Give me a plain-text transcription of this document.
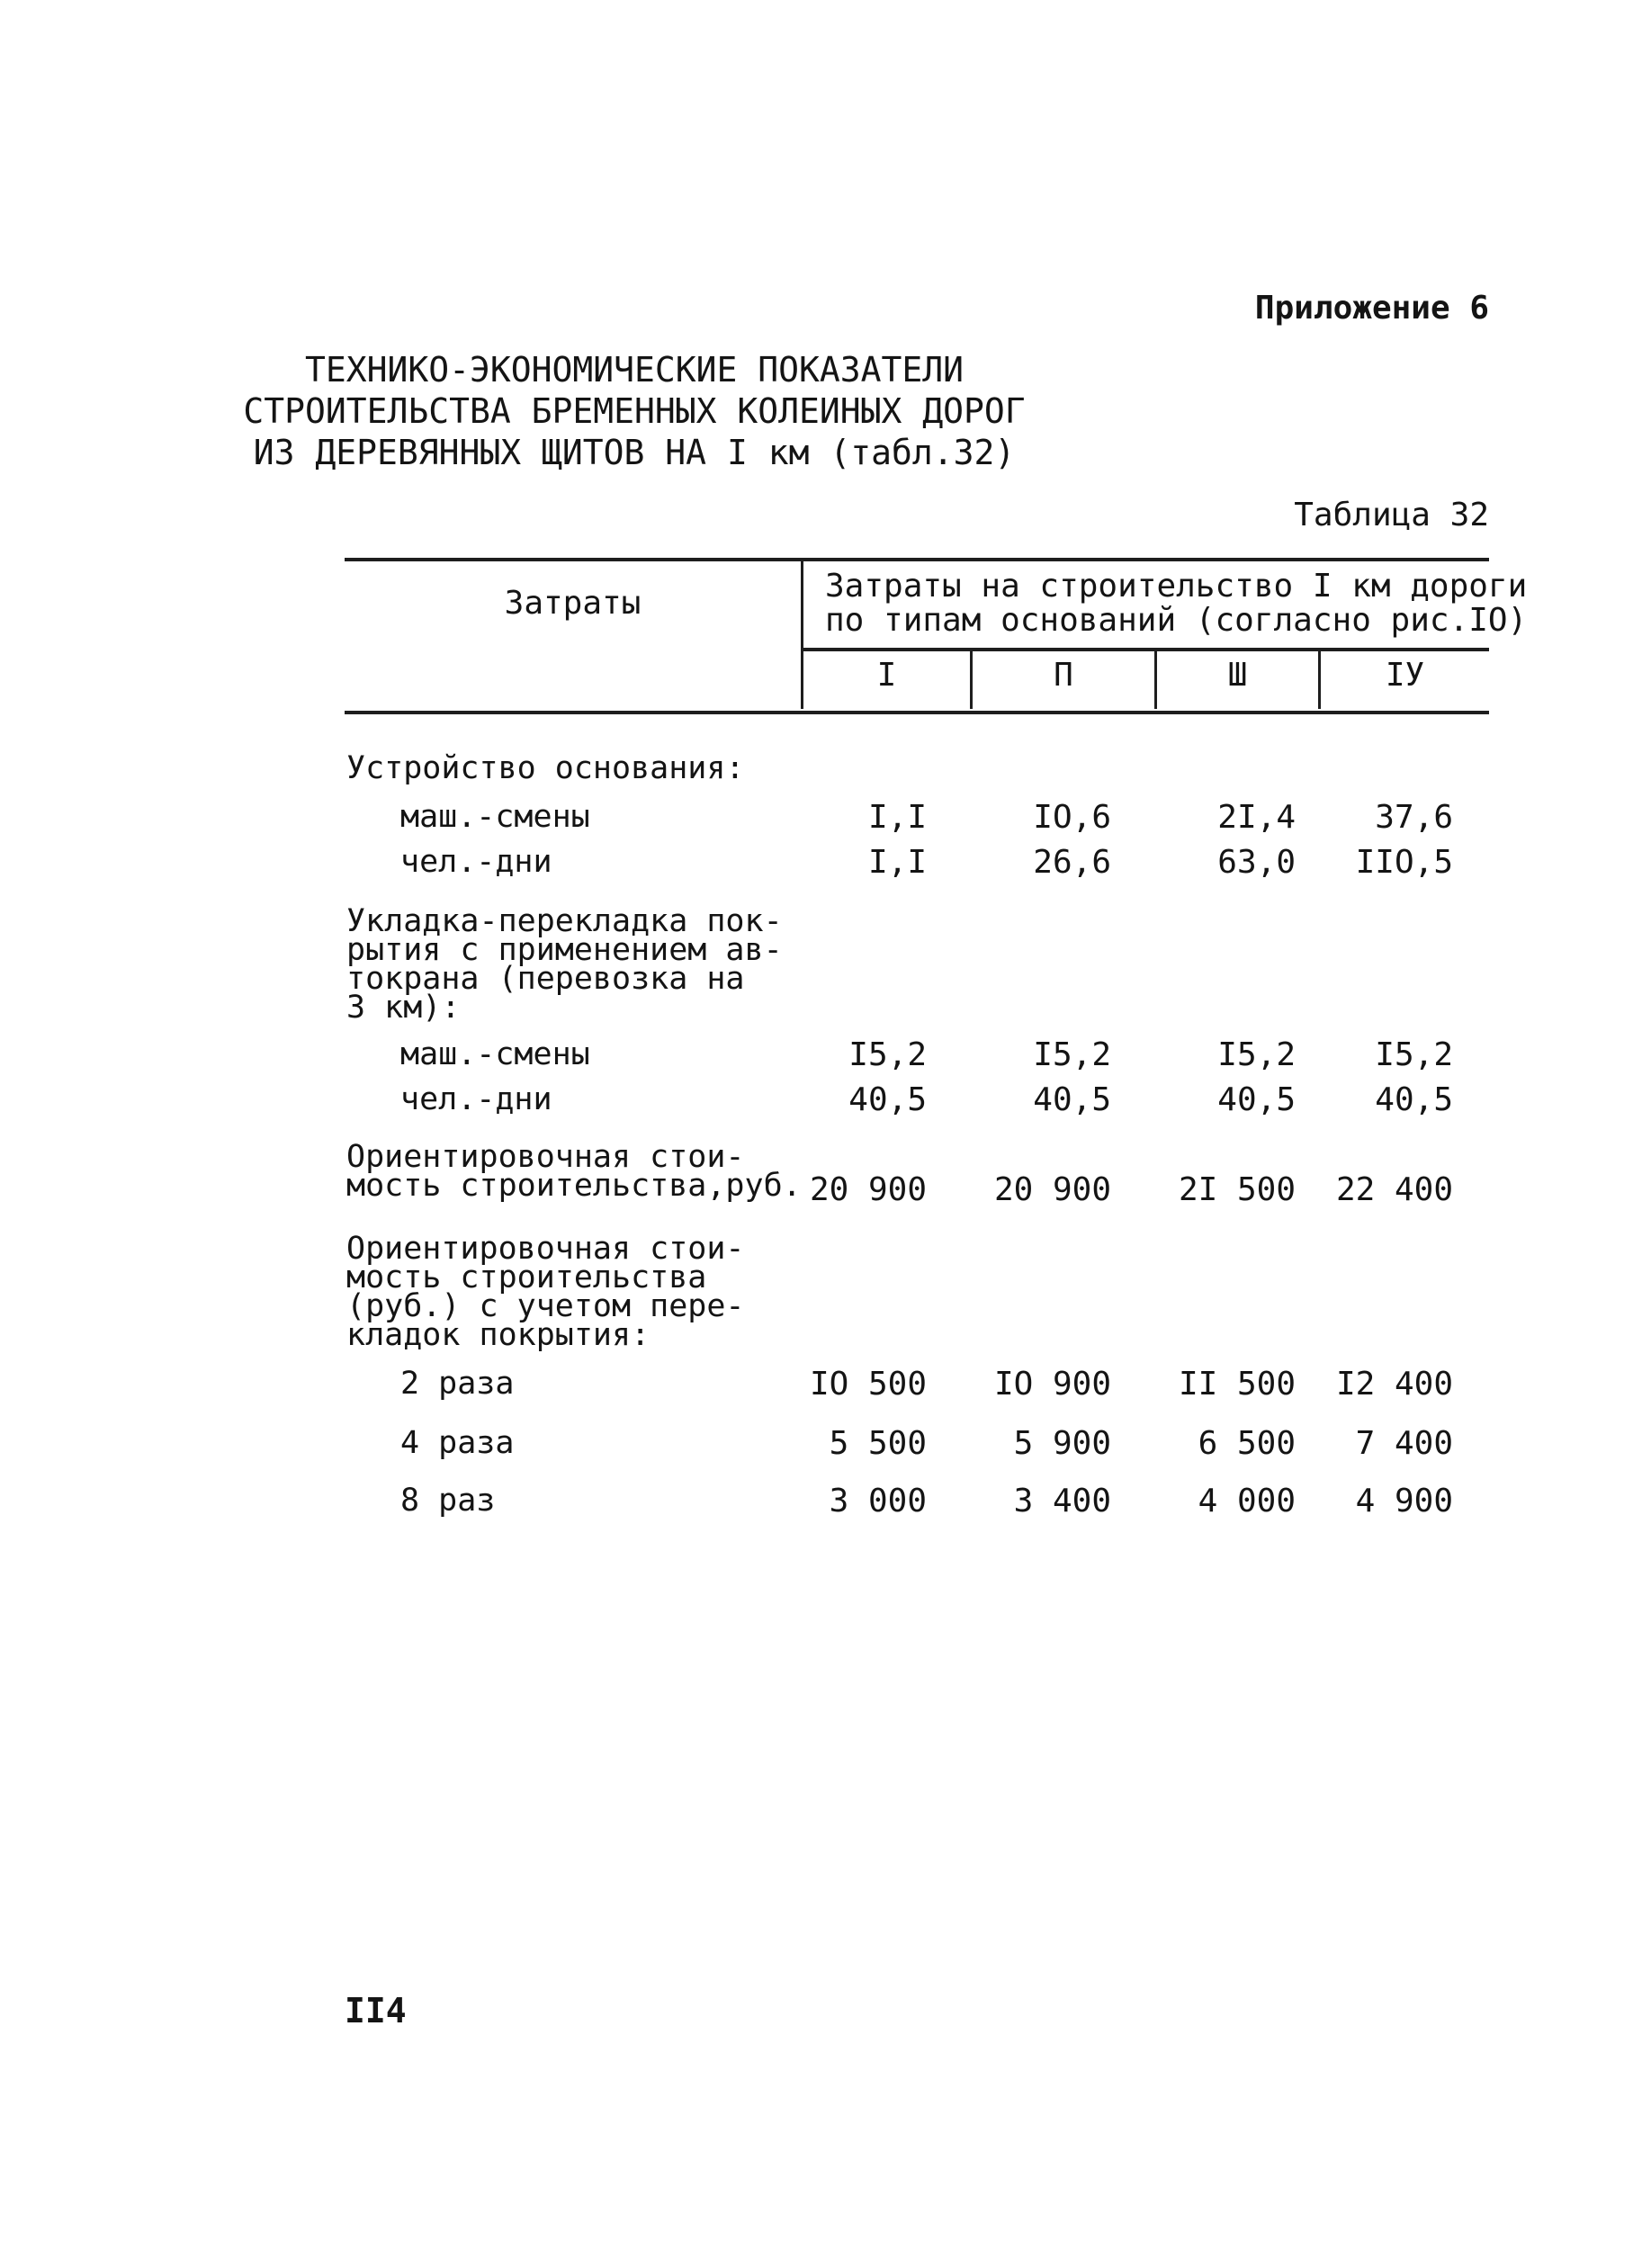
Приложение 6
ТЕХНИКО-ЭКОНОМИЧЕСКИЕ ПОКАЗАТЕЛИ
СТРОИТЕЛЬСТВА БРЕМЕННЫХ КОЛЕИНЫХ ДОРОГ
ИЗ ДЕРЕВЯННЫХ ЩИТОВ НА I км (табл.32)
Таблица 32
Затраты	Затраты на строительство I км дороги
по типам оснований (согласно рис.IO)
I	П	Ш	IУ
Устройство основания:
маш.-смены	I,I	IO,6	2I,4	37,6
чел.-дни	I,I	26,6	63,0	IIO,5
Укладка-перекладка пок-
рытия с применением ав-
токрана (перевозка на
3 км):
маш.-смены	I5,2	I5,2	I5,2	I5,2
чел.-дни	40,5	40,5	40,5	40,5
Ориентировочная стои-
мость строительства,руб. 20 900	20 900	2I 500	22 400
Ориентировочная стои-
мость строительства
(руб.) с учетом пере-
кладок покрытия:
2 раза	IO 500	IO 900	II 500	I2 400
4 раза	5 500	5 900	6 500	7 400
8 раз	3 000	3 400	4 000	4 900
II4
